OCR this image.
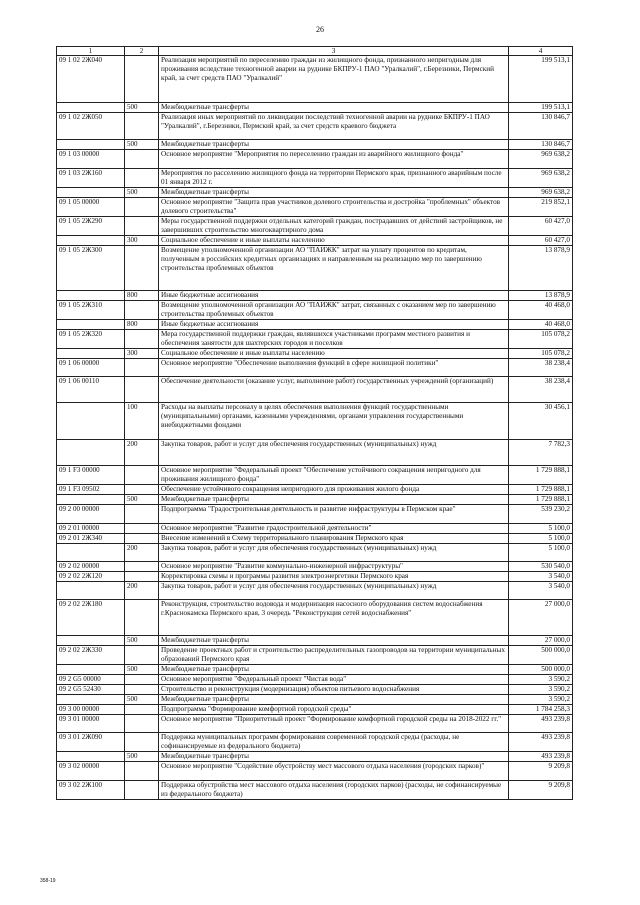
26
1	2	3	4
09 1 02 2Ж040		Реализация мероприятий по переселению граждан из жилищного фонда, признанного непригодным для проживания вследствие техногенной аварии на руднике БКПРУ-1 ПАО "Уралкалий", г.Березники, Пермский край, за счет средств ПАО "Уралкалий"	199 513,1
	500	Межбюджетные трансферты	199 513,1
09 1 02 2Ж050		Реализация иных мероприятий по ликвидации последствий техногенной аварии на руднике БКПРУ-1 ПАО "Уралкалий", г.Березники, Пермский край, за счет средств краевого бюджета	130 846,7
	500	Межбюджетные трансферты	130 846,7
09 1 03 00000		Основное мероприятие "Мероприятия по переселению граждан из аварийного жилищного фонда"	969 638,2
09 1 03 2Ж160		Мероприятия по расселению жилищного фонда на территории Пермского края, признанного аварийным после 01 января 2012 г.	969 638,2
	500	Межбюджетные трансферты	969 638,2
09 1 05 00000		Основное мероприятие "Защита прав участников долевого строительства и достройка "проблемных" объектов долевого строительства"	219 852,1
09 1 05 2Ж290		Меры государственной поддержки отдельных категорий граждан, пострадавших от действий застройщиков, не завершивших строительство многоквартирного дома	60 427,0
	300	Социальное обеспечение и иные выплаты населению	60 427,0
09 1 05 2Ж300		Возмещение уполномоченной организации АО "ПАИЖК" затрат на уплату процентов по кредитам, полученным в российских кредитных организациях и направленным на реализацию мер по завершению строительства проблемных объектов	13 878,9
	800	Иные бюджетные ассигнования	13 878,9
09 1 05 2Ж310		Возмещение уполномоченной организации АО "ПАИЖК" затрат, связанных с оказанием мер по завершению строительства проблемных объектов	40 468,0
	800	Иные бюджетные ассигнования	40 468,0
09 1 05 2Ж320		Мера государственной поддержки граждан, являвшихся участниками программ местного развития и обеспечения занятости для шахтерских городов и поселков	105 078,2
	300	Социальное обеспечение и иные выплаты населению	105 078,2
09 1 06 00000		Основное мероприятие "Обеспечение выполнения функций в сфере жилищной политики"	38 238,4
09 1 06 00110		Обеспечение деятельности (оказание услуг, выполнение работ) государственных учреждений (организаций)	38 238,4
	100	Расходы на выплаты персоналу в целях обеспечения выполнения функций государственными (муниципальными) органами, казенными учреждениями, органами управления государственными внебюджетными фондами	30 456,1
	200	Закупка товаров, работ и услуг для обеспечения государственных (муниципальных) нужд	7 782,3
09 1 F3 00000		Основное мероприятие "Федеральный проект "Обеспечение устойчивого сокращения непригодного для проживания жилищного фонда"	1 729 888,1
09 1 F3 09502		Обеспечение устойчивого сокращения непригодного для проживания жилого фонда	1 729 888,1
	500	Межбюджетные трансферты	1 729 888,1
09 2 00 00000		Подпрограмма "Градостроительная деятельность и развитие инфраструктуры в Пермском крае"	539 230,2
09 2 01 00000		Основное мероприятие "Развитие градостроительной деятельности"	5 100,0
09 2 01 2Ж340		Внесение изменений в Схему территориального планирования Пермского края	5 100,0
	200	Закупка товаров, работ и услуг для обеспечения государственных (муниципальных) нужд	5 100,0
09 2 02 00000		Основное мероприятие "Развитие коммунально-инженерной инфраструктуры"	530 540,0
09 2 02 2Ж120		Корректировка схемы и программы развития электроэнергетики Пермского края	3 540,0
	200	Закупка товаров, работ и услуг для обеспечения государственных (муниципальных) нужд	3 540,0
09 2 02 2Ж180		Реконструкция, строительство водовода и модернизация насосного оборудования систем водоснабжения г.Краснокамска Пермского края, 3 очередь "Реконструкция сетей водоснабжения"	27 000,0
	500	Межбюджетные трансферты	27 000,0
09 2 02 2Ж330		Проведение проектных работ и строительство распределительных газопроводов на территории муниципальных образований Пермского края	500 000,0
	500	Межбюджетные трансферты	500 000,0
09 2 G5 00000		Основное мероприятие "Федеральный проект "Чистая вода"	3 590,2
09 2 G5 52430		Строительство и реконструкция (модернизация) объектов питьевого водоснабжения	3 590,2
	500	Межбюджетные трансферты	3 590,2
09 3 00 00000		Подпрограмма "Формирование комфортной городской среды"	1 784 258,3
09 3 01 00000		Основное мероприятие "Приоритетный проект "Формирование комфортной городской среды на 2018-2022 гг."	493 239,8
09 3 01 2Ж090		Поддержка муниципальных программ формирования современной городской среды (расходы, не софинансируемые из федерального бюджета)	493 239,8
	500	Межбюджетные трансферты	493 239,8
09 3 02 00000		Основное мероприятие "Содействие обустройству мест массового отдыха населения (городских парков)"	9 209,8
09 3 02 2Ж100		Поддержка обустройства мест массового отдыха населения (городских парков) (расходы, не софинансируемые из федерального бюджета)	9 209,8
358-19
